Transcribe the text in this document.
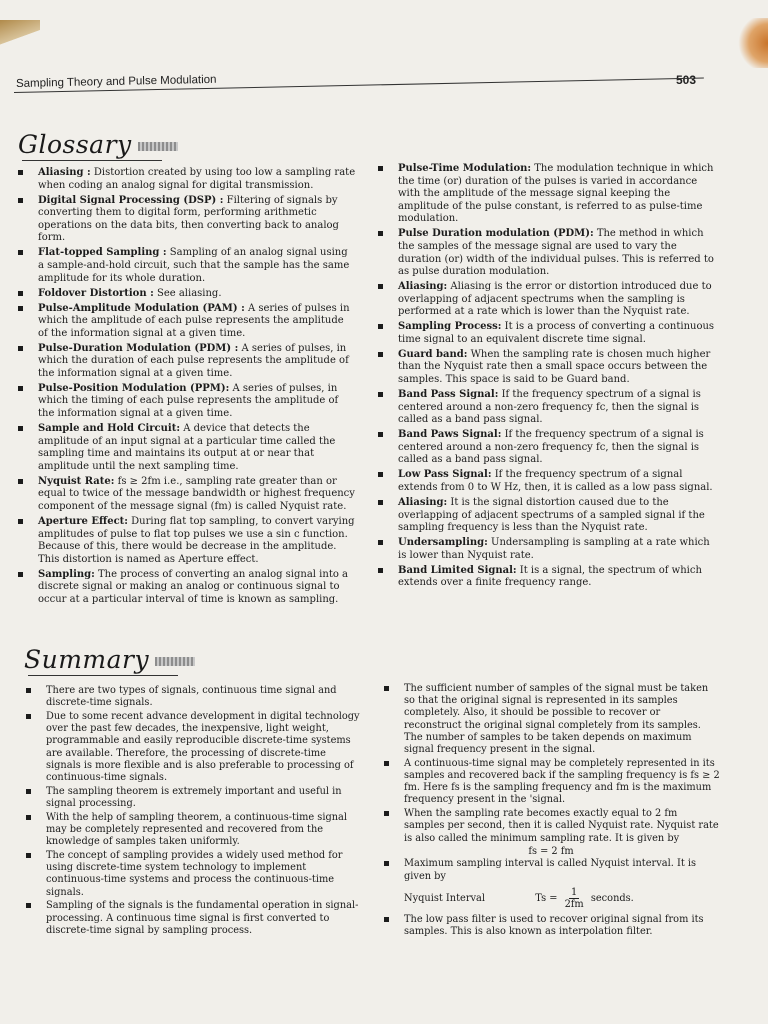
Sampling Theory and Pulse Modulation	503
Glossary
Aliasing : Distortion created by using too low a sampling rate when coding an analog signal for digital transmission.
Digital Signal Processing (DSP) : Filtering of signals by converting them to digital form, performing arithmetic operations on the data bits, then converting back to analog form.
Flat-topped Sampling : Sampling of an analog signal using a sample-and-hold circuit, such that the sample has the same amplitude for its whole duration.
Foldover Distortion : See aliasing.
Pulse-Amplitude Modulation (PAM) : A series of pulses in which the amplitude of each pulse represents the amplitude of the information signal at a given time.
Pulse-Duration Modulation (PDM) : A series of pulses, in which the duration of each pulse represents the amplitude of the information signal at a given time.
Pulse-Position Modulation (PPM): A series of pulses, in which the timing of each pulse represents the amplitude of the information signal at a given time.
Sample and Hold Circuit: A device that detects the amplitude of an input signal at a particular time called the sampling time and maintains its output at or near that amplitude until the next sampling time.
Nyquist Rate: fs ≥ 2fm i.e., sampling rate greater than or equal to twice of the message bandwidth or highest frequency component of the message signal (fm) is called Nyquist rate.
Aperture Effect: During flat top sampling, to convert varying amplitudes of pulse to flat top pulses we use a sin c function. Because of this, there would be decrease in the amplitude. This distortion is named as Aperture effect.
Sampling: The process of converting an analog signal into a discrete signal or making an analog or continuous signal to occur at a particular interval of time is known as sampling.
Pulse-Time Modulation: The modulation technique in which the time (or) duration of the pulses is varied in accordance with the amplitude of the message signal keeping the amplitude of the pulse constant, is referred to as pulse-time modulation.
Pulse Duration modulation (PDM): The method in which the samples of the message signal are used to vary the duration (or) width of the individual pulses. This is referred to as pulse duration modulation.
Aliasing: Aliasing is the error or distortion introduced due to overlapping of adjacent spectrums when the sampling is performed at a rate which is lower than the Nyquist rate.
Sampling Process: It is a process of converting a continuous time signal to an equivalent discrete time signal.
Guard band: When the sampling rate is chosen much higher than the Nyquist rate then a small space occurs between the samples. This space is said to be Guard band.
Band Pass Signal: If the frequency spectrum of a signal is centered around a non-zero frequency fc, then the signal is called as a band pass signal.
Band Paws Signal: If the frequency spectrum of a signal is centered around a non-zero frequency fc, then the signal is called as a band pass signal.
Low Pass Signal: If the frequency spectrum of a signal extends from 0 to W Hz, then, it is called as a low pass signal.
Aliasing: It is the signal distortion caused due to the overlapping of adjacent spectrums of a sampled signal if the sampling frequency is less than the Nyquist rate.
Undersampling: Undersampling is sampling at a rate which is lower than Nyquist rate.
Band Limited Signal: It is a signal, the spectrum of which extends over a finite frequency range.
Summary
There are two types of signals, continuous time signal and discrete-time signals.
Due to some recent advance development in digital technology over the past few decades, the inexpensive, light weight, programmable and easily reproducible discrete-time systems are available. Therefore, the processing of discrete-time signals is more flexible and is also preferable to processing of continuous-time signals.
The sampling theorem is extremely important and useful in signal processing.
With the help of sampling theorem, a continuous-time signal may be completely represented and recovered from the knowledge of samples taken uniformly.
The concept of sampling provides a widely used method for using discrete-time system technology to implement continuous-time systems and process the continuous-time signals.
Sampling of the signals is the fundamental operation in signal-processing. A continuous time signal is first converted to discrete-time signal by sampling process.
The sufficient number of samples of the signal must be taken so that the original signal is represented in its samples completely. Also, it should be possible to recover or reconstruct the original signal completely from its samples. The number of samples to be taken depends on maximum signal frequency present in the signal.
A continuous-time signal may be completely represented in its samples and recovered back if the sampling frequency is fs ≥ 2 fm. Here fs is the sampling frequency and fm is the maximum frequency present in the 'signal.
When the sampling rate becomes exactly equal to 2 fm samples per second, then it is called Nyquist rate. Nyquist rate is also called the minimum sampling rate. It is given by
fs = 2 fm
Maximum sampling interval is called Nyquist interval. It is given by
Nyquist Interval	$Ts = \frac{1}{2fm}$ seconds.
The low pass filter is used to recover original signal from its samples. This is also known as interpolation filter.
